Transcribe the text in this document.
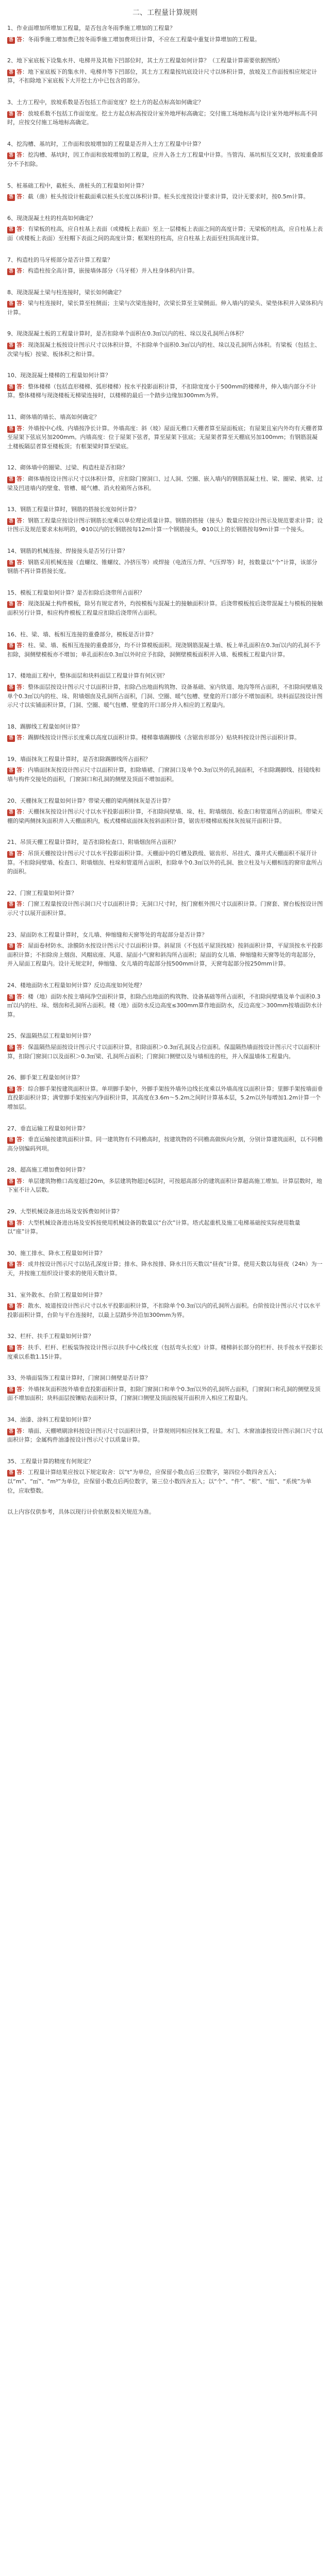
二、工程量计算规则
1、作业面增加所增加工程量，是否包含冬雨季施工增加的工程量？
答 答：冬雨季施工增加费已按冬雨季施工增加费项目计算，不应在工程量中重复计算增加的工程量。
2、地下室底板下设集水井、电梯井及其他下凹部位时，其土方工程量如何计算？（工程量计算需要依据图纸）
答 答：地下室底板下的集水井、电梯井等下凹部位，其土方工程量按坑底设计尺寸以体积计算，放坡及工作面按相应规定计算，不扣除地下室底板下大开挖土方中已包含的部分。
3、土方工程中，放坡系数是否包括工作面宽度？挖土方的起点标高如何确定？
答 答：放坡系数不包括工作面宽度。挖土方起点标高按设计室外地坪标高确定；交付施工场地标高与设计室外地坪标高不同时，应按交付施工场地标高确定。
4、挖沟槽、基坑时，工作面和放坡增加的工程量是否并入土方工程量中计算？
答 答：挖沟槽、基坑时，因工作面和放坡增加的工程量，应并入各土方工程量中计算。当管沟、基坑相互交叉时，放坡重叠部分不予扣除。
5、桩基础工程中，截桩头、凿桩头的工程量如何计算？
答 答：截（凿）桩头按设计桩截面乘以桩头长度以体积计算。桩头长度按设计要求计算，设计无要求时，按0.5m计算。
6、现浇混凝土柱的柱高如何确定？
答 答：有梁板的柱高，应自柱基上表面（或楼板上表面）至上一层楼板上表面之间的高度计算；无梁板的柱高，应自柱基上表面（或楼板上表面）至柱帽下表面之间的高度计算；框架柱的柱高，应自柱基上表面至柱顶高度计算。
7、构造柱的马牙槎部分是否计算工程量？
答 答：构造柱按全高计算，嵌接墙体部分（马牙槎）并入柱身体积内计算。
8、现浇混凝土梁与柱连接时，梁长如何确定？
答 答：梁与柱连接时，梁长算至柱侧面；主梁与次梁连接时，次梁长算至主梁侧面。伸入墙内的梁头、梁垫体积并入梁体积内计算。
9、现浇混凝土板的工程量计算时，是否扣除单个面积在0.3㎡以内的柱、垛以及孔洞所占体积？
答 答：现浇混凝土板按设计图示尺寸以体积计算，不扣除单个面积0.3㎡以内的柱、垛以及孔洞所占体积。有梁板（包括主、次梁与板）按梁、板体积之和计算。
10、现浇混凝土楼梯的工程量如何计算？
答 答：整体楼梯（包括直形楼梯、弧形楼梯）按水平投影面积计算，不扣除宽度小于500mm的楼梯井，伸入墙内部分不计算。整体楼梯与现浇楼板无梯梁连接时，以楼梯的最后一个踏步边缘加300mm为界。
11、砌体墙的墙长、墙高如何确定？
答 答：外墙按中心线、内墙按净长计算。外墙高度：斜（坡）屋面无檐口天棚者算至屋面板底；有屋架且室内外均有天棚者算至屋架下弦底另加200mm。内墙高度：位于屋架下弦者，算至屋架下弦底；无屋架者算至天棚底另加100mm；有钢筋混凝土楼板隔层者算至楼板顶；有框架梁时算至梁底。
12、砌体墙中的圈梁、过梁、构造柱是否扣除？
答 答：砌体墙按设计图示尺寸以体积计算，应扣除门窗洞口、过人洞、空圈、嵌入墙内的钢筋混凝土柱、梁、圈梁、挑梁、过梁及凹进墙内的壁龛、管槽、暖气槽、消火栓箱所占体积。
13、钢筋工程量计算时，钢筋的搭接长度如何计算？
答 答：钢筋工程量应按设计图示钢筋长度乘以单位理论质量计算。钢筋的搭接（接头）数量应按设计图示及规范要求计算；设计图示及规范要求未标明的，Φ10以内的长钢筋按每12m计算一个钢筋接头，Φ10以上的长钢筋按每9m计算一个接头。
14、钢筋的机械连接、焊接接头是否另行计算？
答 答：钢筋采用机械连接（直螺纹、锥螺纹、冷挤压等）或焊接（电渣压力焊、气压焊等）时，按数量以“个”计算，该部分钢筋不再计算搭接长度。
15、模板工程量如何计算？是否扣除后浇带所占面积？
答 答：现浇混凝土构件模板，除另有规定者外，均按模板与混凝土的接触面积计算。后浇带模板按后浇带混凝土与模板的接触面积另行计算，相应构件模板工程量应扣除后浇带所占面积。
16、柱、梁、墙、板相互连接的重叠部分，模板是否计算？
答 答：柱、梁、墙、板相互连接的重叠部分，均不计算模板面积。现浇钢筋混凝土墙、板上单孔面积在0.3㎡以内的孔洞不予扣除，洞侧壁模板亦不增加；单孔面积在0.3㎡以外时应予扣除，洞侧壁模板面积并入墙、板模板工程量内计算。
17、楼地面工程中，整体面层和块料面层工程量计算有何区别？
答 答：整体面层按设计图示尺寸以面积计算，扣除凸出地面构筑物、设备基础、室内铁道、地沟等所占面积，不扣除间壁墙及单个0.3㎡以内的柱、垛、附墙烟囱及孔洞所占面积，门洞、空圈、暖气包槽、壁龛的开口部分不增加面积。块料面层按设计图示尺寸以实铺面积计算，门洞、空圈、暖气包槽、壁龛的开口部分并入相应的工程量内。
18、踢脚线工程量如何计算？
答 答：踢脚线按设计图示长度乘以高度以面积计算。楼梯靠墙踢脚线（含锯齿形部分）贴块料按设计图示面积计算。
19、墙面抹灰工程量计算时，是否扣除踢脚线所占面积？
答 答：内墙面抹灰按设计图示尺寸以面积计算，扣除墙裙、门窗洞口及单个0.3㎡以外的孔洞面积，不扣除踢脚线、挂镜线和墙与构件交接处的面积，门窗洞口和孔洞的侧壁及顶面不增加面积。
20、天棚抹灰工程量如何计算？带梁天棚的梁两侧抹灰是否计算？
答 答：天棚抹灰按设计图示尺寸以水平投影面积计算，不扣除间壁墙、垛、柱、附墙烟囱、检查口和管道所占的面积。带梁天棚的梁两侧抹灰面积并入天棚面积内，板式楼梯底面抹灰按斜面积计算，锯齿形楼梯底板抹灰按展开面积计算。
21、吊顶天棚工程量计算时，是否扣除检查口、附墙烟囱所占面积？
答 答：吊顶天棚按设计图示尺寸以水平投影面积计算。天棚面中的灯槽及跌级、锯齿形、吊挂式、藻井式天棚面积不展开计算。不扣除间壁墙、检查口、附墙烟囱、柱垛和管道所占面积，扣除单个0.3㎡以外的孔洞、独立柱及与天棚相连的窗帘盒所占的面积。
22、门窗工程量如何计算？
答 答：门窗工程量按设计图示洞口尺寸以面积计算；无洞口尺寸时，按门窗框外围尺寸以面积计算。门窗套、窗台板按设计图示尺寸以展开面积计算。
23、屋面防水工程量计算时，女儿墙、伸缩缝和天窗等处的弯起部分是否计算？
答 答：屋面卷材防水、涂膜防水按设计图示尺寸以面积计算。斜屋顶（不包括平屋顶找坡）按斜面积计算，平屋顶按水平投影面积计算；不扣除房上烟囱、风帽底座、风道、屋面小气窗和斜沟所占面积；屋面的女儿墙、伸缩缝和天窗等处的弯起部分，并入屋面工程量内。设计无规定时，伸缩缝、女儿墙的弯起部分按500mm计算，天窗弯起部分按250mm计算。
24、楼地面防水工程量如何计算？反边高度如何处理？
答 答：楼（地）面防水按主墙间净空面积计算，扣除凸出地面的构筑物、设备基础等所占面积，不扣除间壁墙及单个面积0.3㎡以内的柱、垛、烟囱和孔洞所占面积。楼（地）面防水反边高度≤300mm算作地面防水，反边高度＞300mm按墙面防水计算。
25、保温隔热层工程量如何计算？
答 答：保温隔热屋面按设计图示尺寸以面积计算，扣除面积＞0.3㎡孔洞及占位面积。保温隔热墙面按设计图示尺寸以面积计算，扣除门窗洞口以及面积＞0.3㎡梁、孔洞所占面积；门窗洞口侧壁以及与墙相连的柱，并入保温墙体工程量内。
26、脚手架工程量如何计算？
答 答：综合脚手架按建筑面积计算。单项脚手架中，外脚手架按外墙外边线长度乘以外墙高度以面积计算；里脚手架按墙面垂直投影面积计算；满堂脚手架按室内净面积计算，其高度在3.6m～5.2m之间时计算基本层，5.2m以外每增加1.2m计算一个增加层。
27、垂直运输工程量如何计算？
答 答：垂直运输按建筑面积计算。同一建筑物有不同檐高时，按建筑物的不同檐高做纵向分割，分别计算建筑面积，以不同檐高分别编码列项。
28、超高施工增加费如何计算？
答 答：单层建筑物檐口高度超过20m，多层建筑物超过6层时，可按超高部分的建筑面积计算超高施工增加。计算层数时，地下室不计入层数。
29、大型机械设备进出场及安拆费如何计算？
答 答：大型机械设备进出场及安拆按使用机械设备的数量以“台次”计算。塔式起重机及施工电梯基础按实际使用数量以“座”计算。
30、施工排水、降水工程量如何计算？
答 答：成井按设计图示尺寸以钻孔深度计算；排水、降水按排、降水日历天数以“昼夜”计算。使用天数以每昼夜（24h）为一天，并按施工组织设计要求的使用天数计算。
31、室外散水、台阶工程量如何计算？
答 答：散水、坡道按设计图示尺寸以水平投影面积计算，不扣除单个0.3㎡以内的孔洞所占面积。台阶按设计图示尺寸以水平投影面积计算，台阶与平台连接时，以最上层踏步外沿加300mm为界。
32、栏杆、扶手工程量如何计算？
答 答：扶手、栏杆、栏板装饰按设计图示以扶手中心线长度（包括弯头长度）计算。楼梯斜长部分的栏杆、扶手按水平投影长度乘以系数1.15计算。
33、外墙面装饰工程量计算时，门窗洞口侧壁是否计算？
答 答：外墙抹灰面积按外墙垂直投影面积计算，扣除门窗洞口和单个0.3㎡以外的孔洞所占面积，门窗洞口和孔洞的侧壁及顶面不增加面积；块料面层按镶贴表面积计算，门窗洞口侧壁及顶面按展开面积并入相应工程量内。
34、油漆、涂料工程量如何计算？
答 答：墙面、天棚喷刷涂料按设计图示尺寸以面积计算，计算规则同相应抹灰工程量。木门、木窗油漆按设计图示洞口尺寸以面积计算；金属构件油漆按设计图示尺寸以质量计算。
35、工程量计算的精度有何规定？
答 答：工程量计算结果应按以下规定取舍：以“t”为单位，应保留小数点后三位数字，第四位小数四舍五入；以“m”、“㎡”、“m³”为单位，应保留小数点后两位数字，第三位小数四舍五入；以“个”、“件”、“根”、“组”、“系统”为单位，应取整数。
以上内容仅供参考，具体以现行计价依据及相关规范为准。
